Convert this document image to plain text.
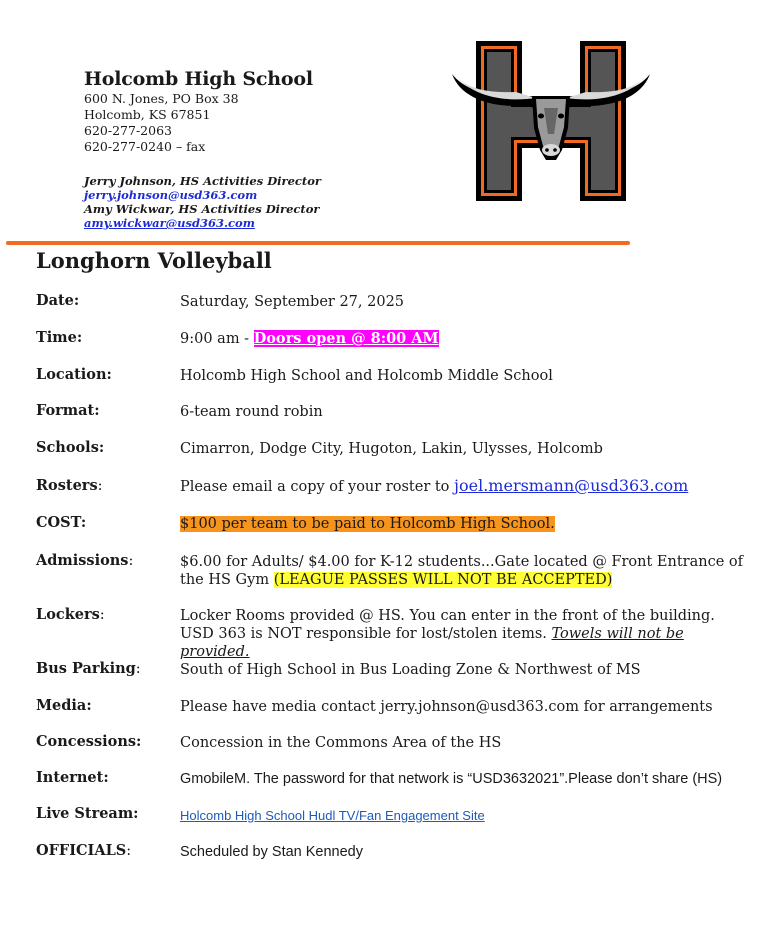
Holcomb High School
600 N. Jones, PO Box 38
Holcomb, KS 67851
620-277-2063
620-277-0240 – fax
Jerry Johnson, HS Activities Director
jerry.johnson@usd363.com
Amy Wickwar, HS Activities Director
amy.wickwar@usd363.com
Longhorn Volleyball
Date:	Saturday, September 27, 2025
Time:	9:00 am - Doors open @ 8:00 AM
Location:	Holcomb High School and Holcomb Middle School
Format:	6-team round robin
Schools:	Cimarron, Dodge City, Hugoton, Lakin, Ulysses, Holcomb
Rosters:	Please email a copy of your roster to joel.mersmann@usd363.com
COST:	$100 per team to be paid to Holcomb High School.
Admissions:	$6.00 for Adults/ $4.00 for K-12 students...Gate located @ Front Entrance of the HS Gym (LEAGUE PASSES WILL NOT BE ACCEPTED)
Lockers:	Locker Rooms provided @ HS. You can enter in the front of the building. USD 363 is NOT responsible for lost/stolen items. Towels will not be provided.
Bus Parking:	South of High School in Bus Loading Zone & Northwest of MS
Media:	Please have media contact jerry.johnson@usd363.com for arrangements
Concessions:	Concession in the Commons Area of the HS
Internet:	GmobileM. The password for that network is “USD3632021”.Please don’t share (HS)
Live Stream:	Holcomb High School Hudl TV/Fan Engagement Site
OFFICIALS:	Scheduled by Stan Kennedy
